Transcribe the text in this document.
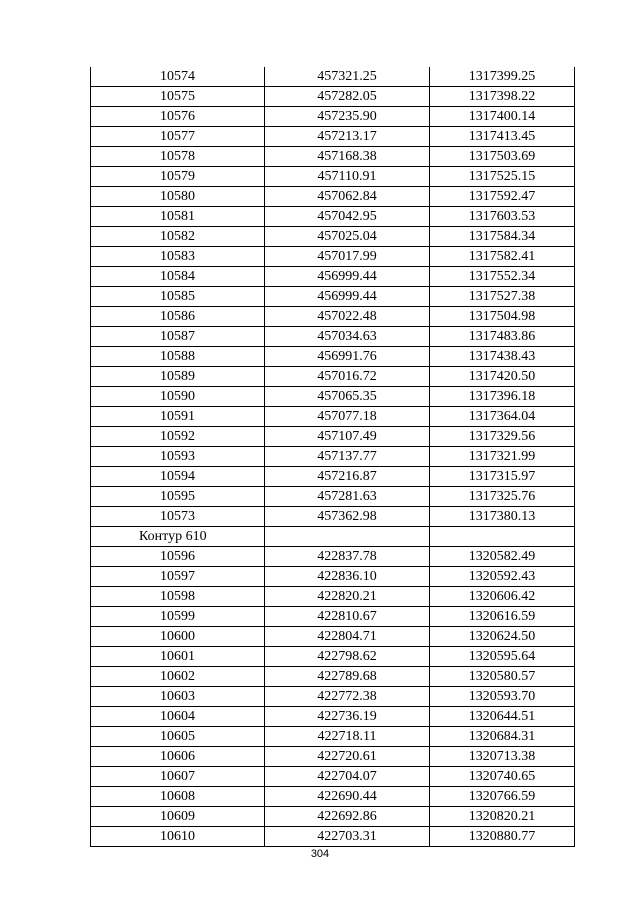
10574	457321.25	1317399.25
10575	457282.05	1317398.22
10576	457235.90	1317400.14
10577	457213.17	1317413.45
10578	457168.38	1317503.69
10579	457110.91	1317525.15
10580	457062.84	1317592.47
10581	457042.95	1317603.53
10582	457025.04	1317584.34
10583	457017.99	1317582.41
10584	456999.44	1317552.34
10585	456999.44	1317527.38
10586	457022.48	1317504.98
10587	457034.63	1317483.86
10588	456991.76	1317438.43
10589	457016.72	1317420.50
10590	457065.35	1317396.18
10591	457077.18	1317364.04
10592	457107.49	1317329.56
10593	457137.77	1317321.99
10594	457216.87	1317315.97
10595	457281.63	1317325.76
10573	457362.98	1317380.13
Контур 610		
10596	422837.78	1320582.49
10597	422836.10	1320592.43
10598	422820.21	1320606.42
10599	422810.67	1320616.59
10600	422804.71	1320624.50
10601	422798.62	1320595.64
10602	422789.68	1320580.57
10603	422772.38	1320593.70
10604	422736.19	1320644.51
10605	422718.11	1320684.31
10606	422720.61	1320713.38
10607	422704.07	1320740.65
10608	422690.44	1320766.59
10609	422692.86	1320820.21
10610	422703.31	1320880.77
304
